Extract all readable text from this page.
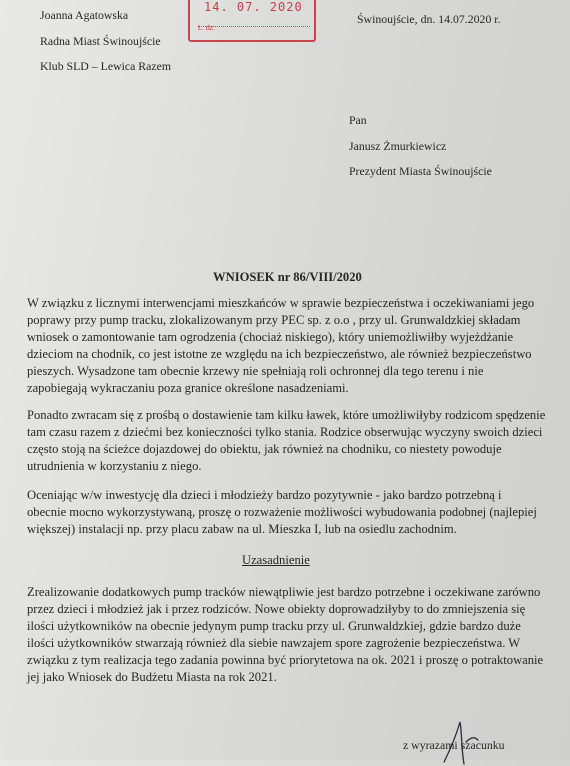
Joanna Agatowska
Radna Miast Świnoujście
Klub SLD – Lewica Razem
14. 07. 2020
L. dz.
Świnoujście, dn. 14.07.2020 r.
Pan
Janusz Żmurkiewicz
Prezydent Miasta Świnoujście
WNIOSEK nr 86/VIII/2020
W związku z licznymi interwencjami mieszkańców w sprawie bezpieczeństwa i oczekiwaniami jego
poprawy przy pump tracku, zlokalizowanym przy PEC sp. z o.o , przy ul. Grunwaldzkiej składam
wniosek o zamontowanie tam ogrodzenia (chociaż niskiego), który uniemożliwiłby wyjeżdżanie
dzieciom na chodnik, co jest istotne ze względu na ich bezpieczeństwo, ale również bezpieczeństwo
pieszych. Wysadzone tam obecnie krzewy nie spełniają roli ochronnej dla tego terenu i nie
zapobiegają wykraczaniu poza granice określone nasadzeniami.
Ponadto zwracam się z prośbą o dostawienie tam kilku ławek, które umożliwiłyby rodzicom spędzenie
tam czasu razem z dziećmi bez konieczności tylko stania. Rodzice obserwując wyczyny swoich dzieci
często stoją na ścieżce dojazdowej do obiektu, jak również na chodniku, co niestety powoduje
utrudnienia w korzystaniu z niego.
Oceniając w/w inwestycję dla dzieci i młodzieży bardzo pozytywnie - jako bardzo potrzebną i
obecnie mocno wykorzystywaną, proszę o rozważenie możliwości wybudowania podobnej (najlepiej
większej) instalacji np. przy placu zabaw na ul. Mieszka I, lub na osiedlu zachodnim.
Uzasadnienie
Zrealizowanie dodatkowych pump tracków niewątpliwie jest bardzo potrzebne i oczekiwane zarówno
przez dzieci i młodzież jak i przez rodziców. Nowe obiekty doprowadziłyby to do zmniejszenia się
ilości użytkowników na obecnie jedynym pump tracku przy ul. Grunwaldzkiej, gdzie bardzo duże
ilości użytkowników stwarzają również dla siebie nawzajem spore zagrożenie bezpieczeństwa. W
związku z tym realizacja tego zadania powinna być priorytetowa na ok. 2021 i proszę o potraktowanie
jej jako Wniosek do Budżetu Miasta na rok 2021.
z wyrazami szacunku
